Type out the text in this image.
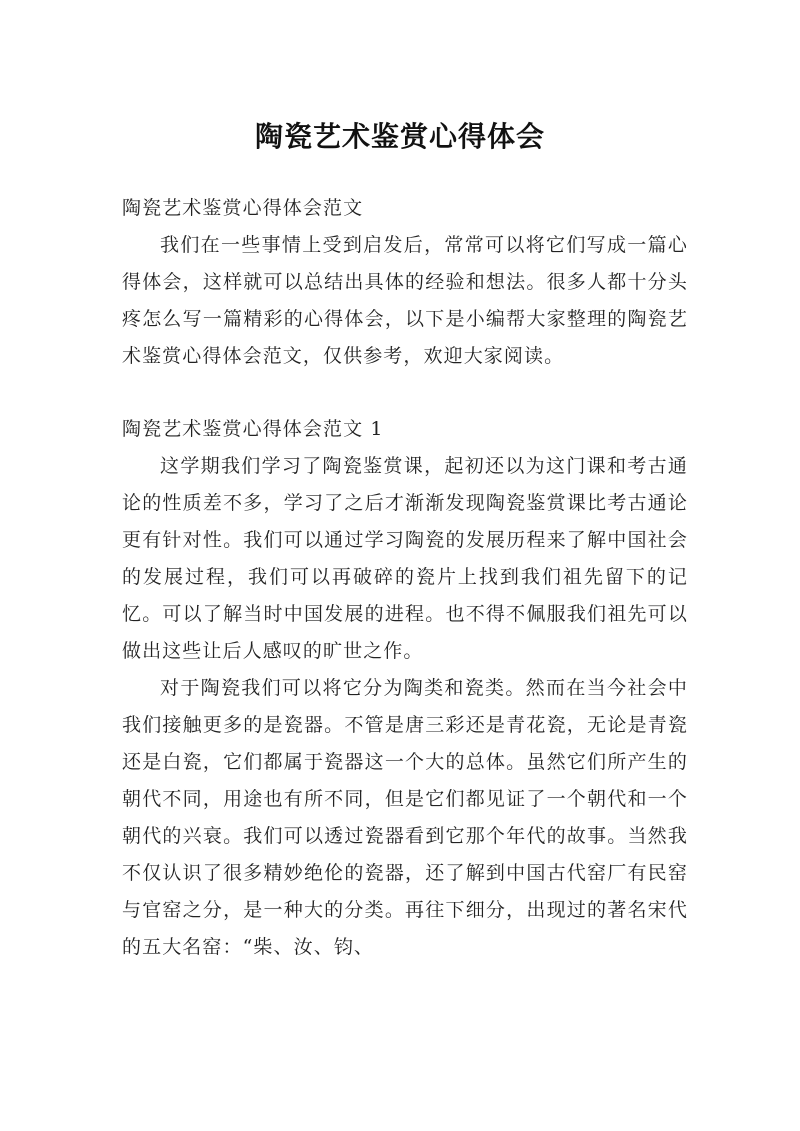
陶瓷艺术鉴赏心得体会
陶瓷艺术鉴赏心得体会范文

我们在一些事情上受到启发后，常常可以将它们写成一篇心得体会，这样就可以总结出具体的经验和想法。很多人都十分头疼怎么写一篇精彩的心得体会，以下是小编帮大家整理的陶瓷艺术鉴赏心得体会范文，仅供参考，欢迎大家阅读。

陶瓷艺术鉴赏心得体会范文 1

这学期我们学习了陶瓷鉴赏课，起初还以为这门课和考古通论的性质差不多，学习了之后才渐渐发现陶瓷鉴赏课比考古通论更有针对性。我们可以通过学习陶瓷的发展历程来了解中国社会的发展过程，我们可以再破碎的瓷片上找到我们祖先留下的记忆。可以了解当时中国发展的进程。也不得不佩服我们祖先可以做出这些让后人感叹的旷世之作。

对于陶瓷我们可以将它分为陶类和瓷类。然而在当今社会中我们接触更多的是瓷器。不管是唐三彩还是青花瓷，无论是青瓷还是白瓷，它们都属于瓷器这一个大的总体。虽然它们所产生的朝代不同，用途也有所不同，但是它们都见证了一个朝代和一个朝代的兴衰。我们可以透过瓷器看到它那个年代的故事。当然我不仅认识了很多精妙绝伦的瓷器，还了解到中国古代窑厂有民窑与官窑之分，是一种大的分类。再往下细分，出现过的著名宋代的五大名窑：“柴、汝、钧、
